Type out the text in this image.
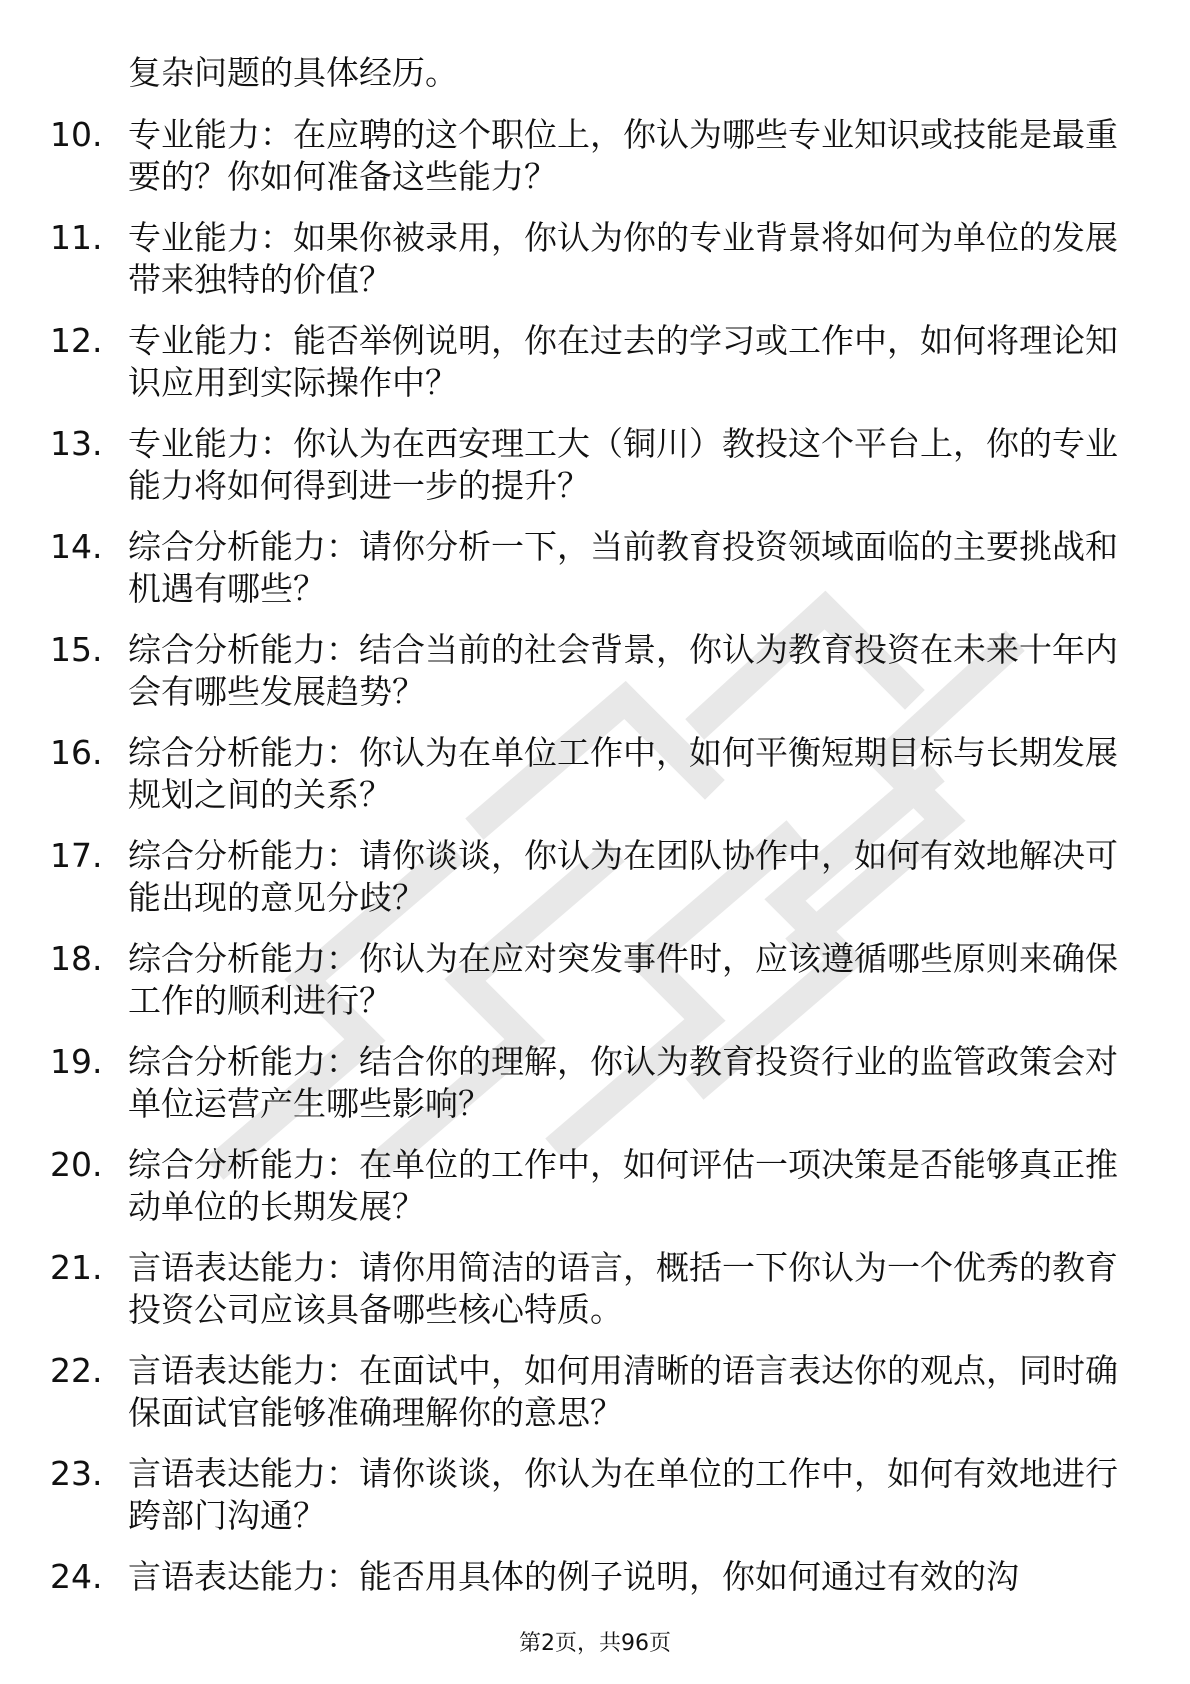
复杂问题的具体经历。
10. 专业能力：在应聘的这个职位上，你认为哪些专业知识或技能是最重要的？你如何准备这些能力？
11. 专业能力：如果你被录用，你认为你的专业背景将如何为单位的发展带来独特的价值？
12. 专业能力：能否举例说明，你在过去的学习或工作中，如何将理论知识应用到实际操作中？
13. 专业能力：你认为在西安理工大（铜川）教投这个平台上，你的专业能力将如何得到进一步的提升？
14. 综合分析能力：请你分析一下，当前教育投资领域面临的主要挑战和机遇有哪些？
15. 综合分析能力：结合当前的社会背景，你认为教育投资在未来十年内会有哪些发展趋势？
16. 综合分析能力：你认为在单位工作中，如何平衡短期目标与长期发展规划之间的关系？
17. 综合分析能力：请你谈谈，你认为在团队协作中，如何有效地解决可能出现的意见分歧？
18. 综合分析能力：你认为在应对突发事件时，应该遵循哪些原则来确保工作的顺利进行？
19. 综合分析能力：结合你的理解，你认为教育投资行业的监管政策会对单位运营产生哪些影响？
20. 综合分析能力：在单位的工作中，如何评估一项决策是否能够真正推动单位的长期发展？
21. 言语表达能力：请你用简洁的语言，概括一下你认为一个优秀的教育投资公司应该具备哪些核心特质。
22. 言语表达能力：在面试中，如何用清晰的语言表达你的观点，同时确保面试官能够准确理解你的意思？
23. 言语表达能力：请你谈谈，你认为在单位的工作中，如何有效地进行跨部门沟通？
24. 言语表达能力：能否用具体的例子说明，你如何通过有效的沟
第2页，共96页
